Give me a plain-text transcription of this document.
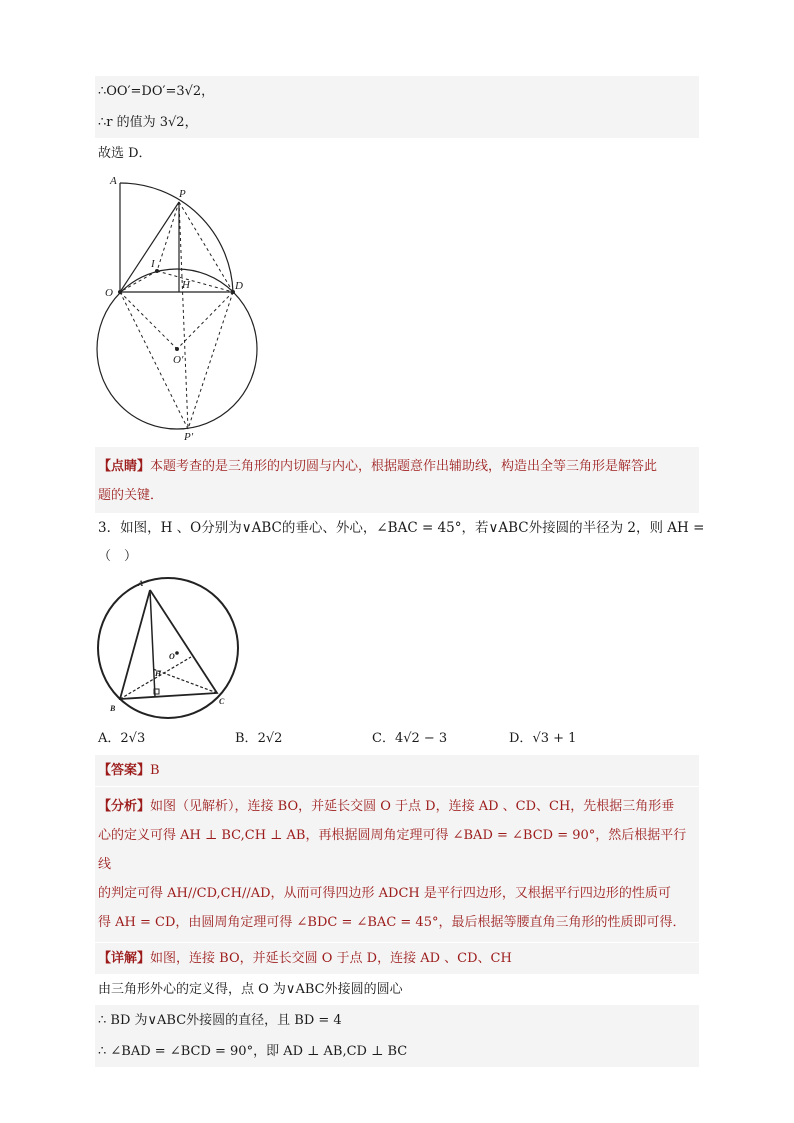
∴OO′=DO′=3√2，
∴r 的值为 3√2，
故选 D．
A
P
I
H
O
D
O′
P′
【点睛】本题考查的是三角形的内切圆与内心，根据题意作出辅助线，构造出全等三角形是解答此
题的关键．
3．如图，H 、O分别为∨ABC的垂心、外心，∠BAC = 45°，若∨ABC外接圆的半径为 2，则 AH =
（　）
A
O
H
B
C
A．2√3	B．2√2	C．4√2 − 3	D．√3 + 1
【答案】B
【分析】如图（见解析），连接 BO，并延长交圆 O 于点 D，连接 AD 、CD、CH，先根据三角形垂
心的定义可得 AH ⊥ BC,CH ⊥ AB，再根据圆周角定理可得 ∠BAD = ∠BCD = 90°，然后根据平行线
的判定可得 AH//CD,CH//AD，从而可得四边形 ADCH 是平行四边形，又根据平行四边形的性质可
得 AH = CD，由圆周角定理可得 ∠BDC = ∠BAC = 45°，最后根据等腰直角三角形的性质即可得．
【详解】如图，连接 BO，并延长交圆 O 于点 D，连接 AD 、CD、CH
由三角形外心的定义得，点 O 为∨ABC外接圆的圆心
∴ BD 为∨ABC外接圆的直径，且 BD = 4
∴ ∠BAD = ∠BCD = 90°，即 AD ⊥ AB,CD ⊥ BC
